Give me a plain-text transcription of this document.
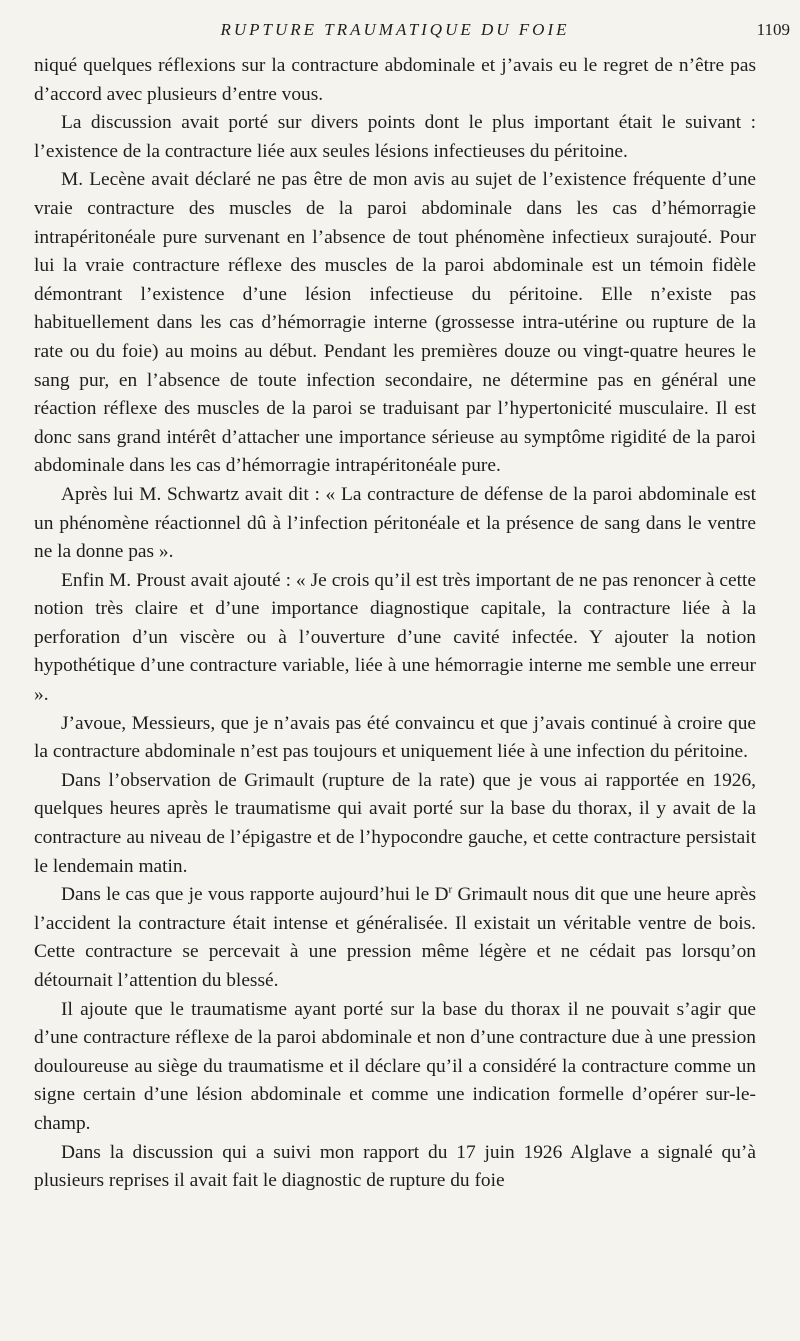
RUPTURE TRAUMATIQUE DU FOIE	1109

niqué quelques réflexions sur la contracture abdominale et j’avais eu le regret de n’être pas d’accord avec plusieurs d’entre vous.

La discussion avait porté sur divers points dont le plus important était le suivant : l’existence de la contracture liée aux seules lésions infectieuses du péritoine.

M. Lecène avait déclaré ne pas être de mon avis au sujet de l’existence fréquente d’une vraie contracture des muscles de la paroi abdominale dans les cas d’hémorragie intrapéritonéale pure survenant en l’absence de tout phénomène infectieux surajouté. Pour lui la vraie contracture réflexe des muscles de la paroi abdominale est un témoin fidèle démontrant l’existence d’une lésion infectieuse du péritoine. Elle n’existe pas habituellement dans les cas d’hémorragie interne (grossesse intra-utérine ou rupture de la rate ou du foie) au moins au début. Pendant les premières douze ou vingt-quatre heures le sang pur, en l’absence de toute infection secondaire, ne détermine pas en général une réaction réflexe des muscles de la paroi se traduisant par l’hypertonicité musculaire. Il est donc sans grand intérêt d’attacher une importance sérieuse au symptôme rigidité de la paroi abdominale dans les cas d’hémorragie intrapéritonéale pure.

Après lui M. Schwartz avait dit : « La contracture de défense de la paroi abdominale est un phénomène réactionnel dû à l’infection péritonéale et la présence de sang dans le ventre ne la donne pas ».

Enfin M. Proust avait ajouté : « Je crois qu’il est très important de ne pas renoncer à cette notion très claire et d’une importance diagnostique capitale, la contracture liée à la perforation d’un viscère ou à l’ouverture d’une cavité infectée. Y ajouter la notion hypothétique d’une contracture variable, liée à une hémorragie interne me semble une erreur ».

J’avoue, Messieurs, que je n’avais pas été convaincu et que j’avais continué à croire que la contracture abdominale n’est pas toujours et uniquement liée à une infection du péritoine.

Dans l’observation de Grimault (rupture de la rate) que je vous ai rapportée en 1926, quelques heures après le traumatisme qui avait porté sur la base du thorax, il y avait de la contracture au niveau de l’épigastre et de l’hypocondre gauche, et cette contracture persistait le lendemain matin.

Dans le cas que je vous rapporte aujourd’hui le $D^r$ Grimault nous dit que une heure après l’accident la contracture était intense et généralisée. Il existait un véritable ventre de bois. Cette contracture se percevait à une pression même légère et ne cédait pas lorsqu’on détournait l’attention du blessé.

Il ajoute que le traumatisme ayant porté sur la base du thorax il ne pouvait s’agir que d’une contracture réflexe de la paroi abdominale et non d’une contracture due à une pression douloureuse au siège du traumatisme et il déclare qu’il a considéré la contracture comme un signe certain d’une lésion abdominale et comme une indication formelle d’opérer sur-le-champ.

Dans la discussion qui a suivi mon rapport du 17 juin 1926 Alglave a signalé qu’à plusieurs reprises il avait fait le diagnostic de rupture du foie
